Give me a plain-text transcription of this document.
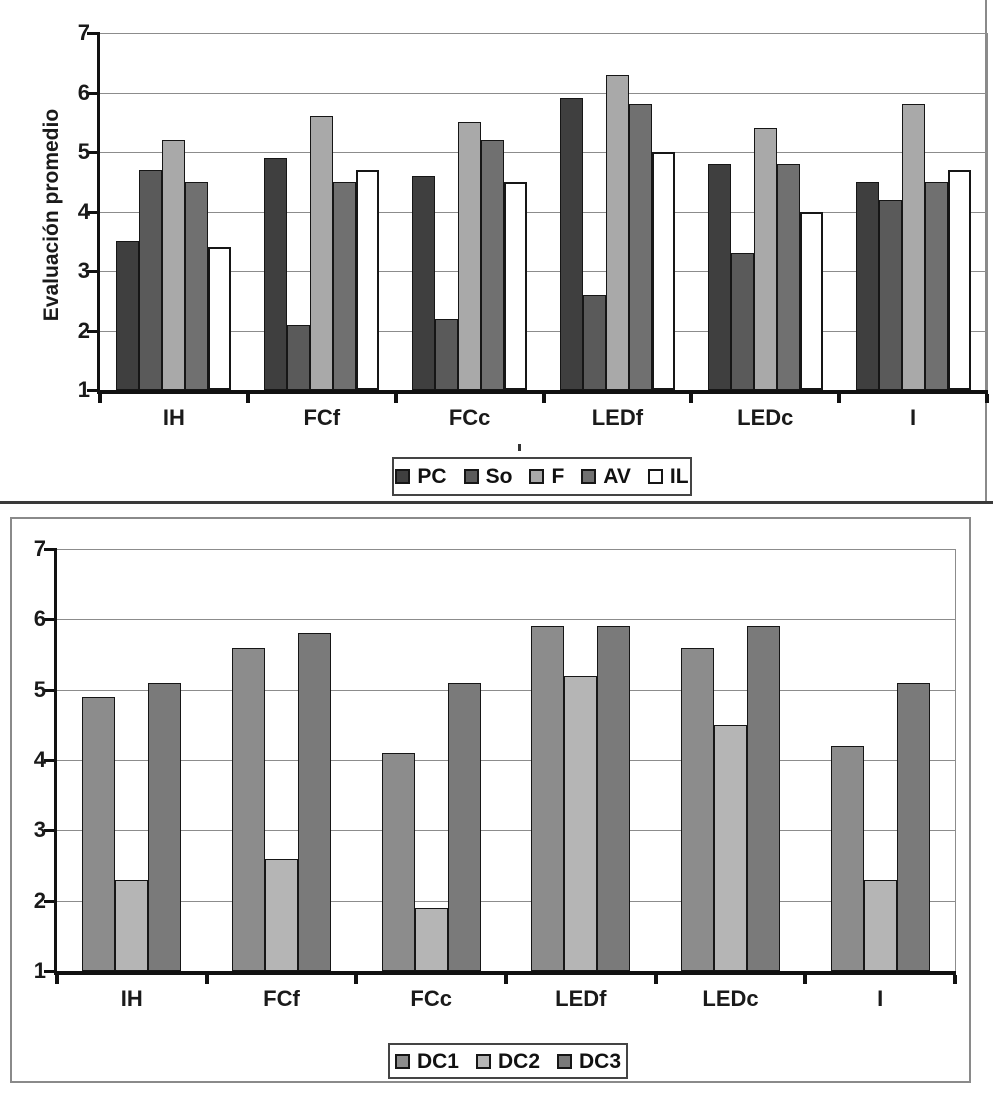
Evaluación promedio
1
2
3
4
5
6
7
IH	FCf	FCc	LEDf	LEDc	I
PC So F AV IL
1
2
3
4
5
6
7
IH	FCf	FCc	LEDf	LEDc	I
DC1 DC2 DC3
